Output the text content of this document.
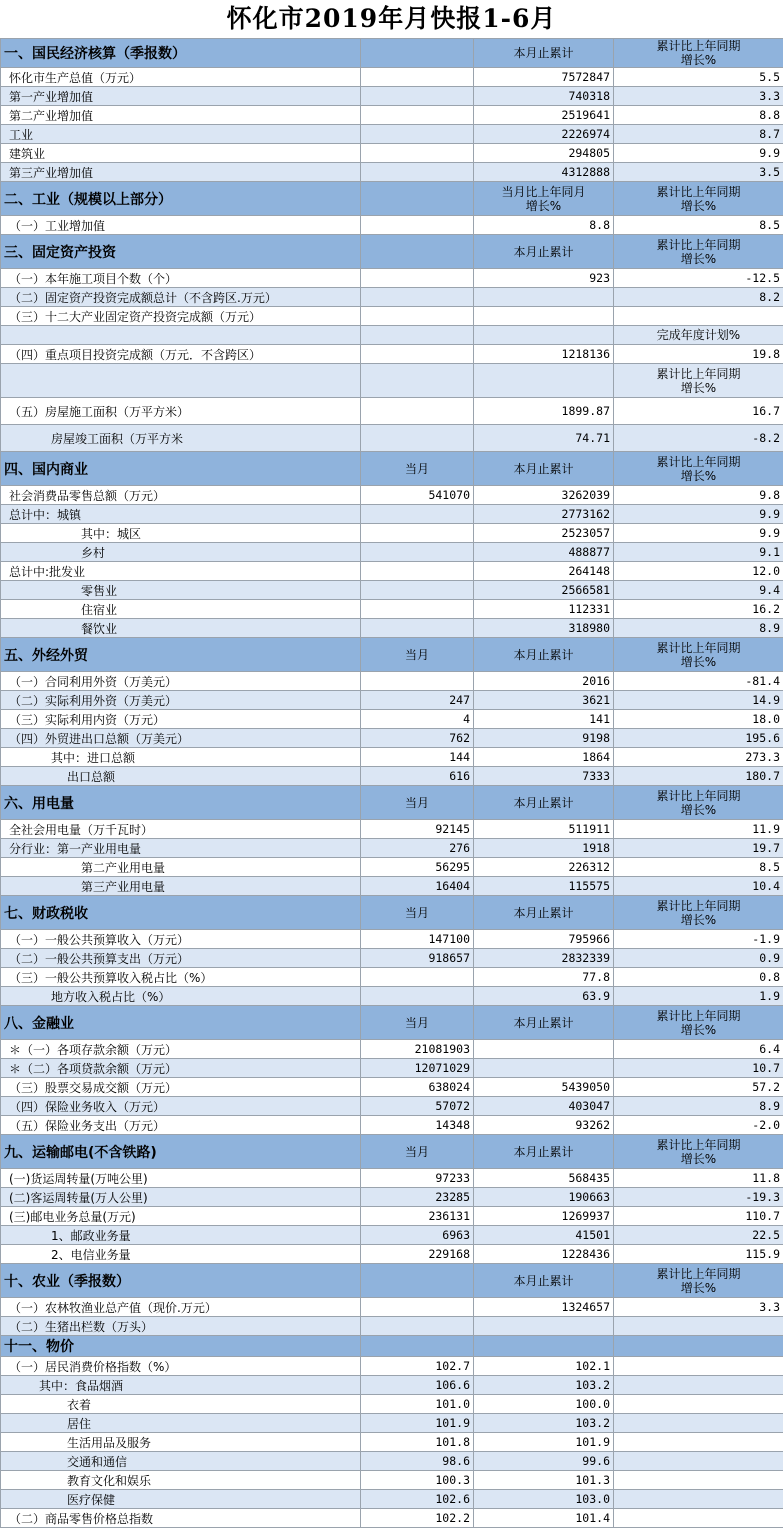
怀化市2019年月快报1-6月
一、国民经济核算（季报数）		本月止累计	累计比上年同期
增长%
怀化市生产总值（万元）		7572847	5.5
第一产业增加值		740318	3.3
第二产业增加值		2519641	8.8
工业		2226974	8.7
建筑业		294805	9.9
第三产业增加值		4312888	3.5
二、工业（规模以上部分）		当月比上年同月
增长%	累计比上年同期
增长%
（一）工业增加值		8.8	8.5
三、固定资产投资		本月止累计	累计比上年同期
增长%
（一）本年施工项目个数（个）		923	-12.5
（二）固定资产投资完成额总计（不含跨区.万元）			8.2
（三）十二大产业固定资产投资完成额（万元）			
			完成年度计划%
（四）重点项目投资完成额（万元．不含跨区）		1218136	19.8
			累计比上年同期
增长%
（五）房屋施工面积（万平方米）		1899.87	16.7
房屋竣工面积（万平方米		74.71	-8.2
四、国内商业	当月	本月止累计	累计比上年同期
增长%
社会消费品零售总额（万元）	541070	3262039	9.8
总计中：城镇		2773162	9.9
其中：城区		2523057	9.9
乡村		488877	9.1
总计中:批发业		264148	12.0
零售业		2566581	9.4
住宿业		112331	16.2
餐饮业		318980	8.9
五、外经外贸	当月	本月止累计	累计比上年同期
增长%
（一）合同利用外资（万美元）		2016	-81.4
（二）实际利用外资（万美元）	247	3621	14.9
（三）实际利用内资（万元）	4	141	18.0
（四）外贸进出口总额（万美元）	762	9198	195.6
其中：进口总额	144	1864	273.3
出口总额	616	7333	180.7
六、用电量	当月	本月止累计	累计比上年同期
增长%
全社会用电量（万千瓦时）	92145	511911	11.9
分行业：第一产业用电量	276	1918	19.7
第二产业用电量	56295	226312	8.5
第三产业用电量	16404	115575	10.4
七、财政税收	当月	本月止累计	累计比上年同期
增长%
（一）一般公共预算收入（万元）	147100	795966	-1.9
（二）一般公共预算支出（万元）	918657	2832339	0.9
（三）一般公共预算收入税占比（%）		77.8	0.8
地方收入税占比（%）		63.9	1.9
八、金融业	当月	本月止累计	累计比上年同期
增长%
＊（一）各项存款余额（万元）	21081903		6.4
＊（二）各项贷款余额（万元）	12071029		10.7
（三）股票交易成交额（万元）	638024	5439050	57.2
（四）保险业务收入（万元）	57072	403047	8.9
（五）保险业务支出（万元）	14348	93262	-2.0
九、运输邮电(不含铁路)	当月	本月止累计	累计比上年同期
增长%
(一)货运周转量(万吨公里)	97233	568435	11.8
(二)客运周转量(万人公里)	23285	190663	-19.3
(三)邮电业务总量(万元)	236131	1269937	110.7
1、邮政业务量	6963	41501	22.5
2、电信业务量	229168	1228436	115.9
十、农业（季报数）		本月止累计	累计比上年同期
增长%
（一）农林牧渔业总产值（现价.万元）		1324657	3.3
（二）生猪出栏数（万头）			
十一、物价			
（一）居民消费价格指数（%）	102.7	102.1	
其中：食品烟酒	106.6	103.2	
衣着	101.0	100.0	
居住	101.9	103.2	
生活用品及服务	101.8	101.9	
交通和通信	98.6	99.6	
教育文化和娱乐	100.3	101.3	
医疗保健	102.6	103.0	
（二）商品零售价格总指数	102.2	101.4	
